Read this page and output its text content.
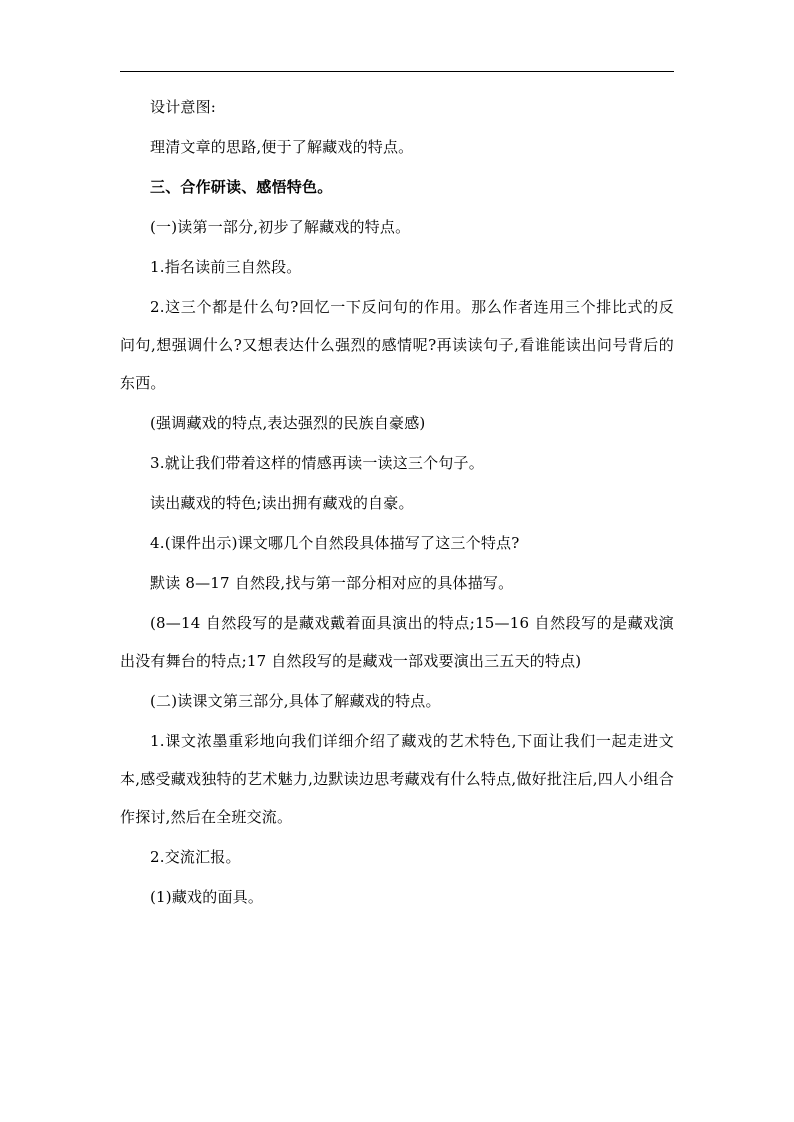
设计意图:

理清文章的思路,便于了解藏戏的特点。

三、合作研读、感悟特色。

(一)读第一部分,初步了解藏戏的特点。

1.指名读前三自然段。

2.这三个都是什么句?回忆一下反问句的作用。那么作者连用三个排比式的反问句,想强调什么?又想表达什么强烈的感情呢?再读读句子,看谁能读出问号背后的东西。

(强调藏戏的特点,表达强烈的民族自豪感)

3.就让我们带着这样的情感再读一读这三个句子。

读出藏戏的特色;读出拥有藏戏的自豪。

4.(课件出示)课文哪几个自然段具体描写了这三个特点?

默读 8—17 自然段,找与第一部分相对应的具体描写。

(8—14 自然段写的是藏戏戴着面具演出的特点;15—16 自然段写的是藏戏演出没有舞台的特点;17 自然段写的是藏戏一部戏要演出三五天的特点)

(二)读课文第三部分,具体了解藏戏的特点。

1.课文浓墨重彩地向我们详细介绍了藏戏的艺术特色,下面让我们一起走进文本,感受藏戏独特的艺术魅力,边默读边思考藏戏有什么特点,做好批注后,四人小组合作探讨,然后在全班交流。

2.交流汇报。

(1)藏戏的面具。
